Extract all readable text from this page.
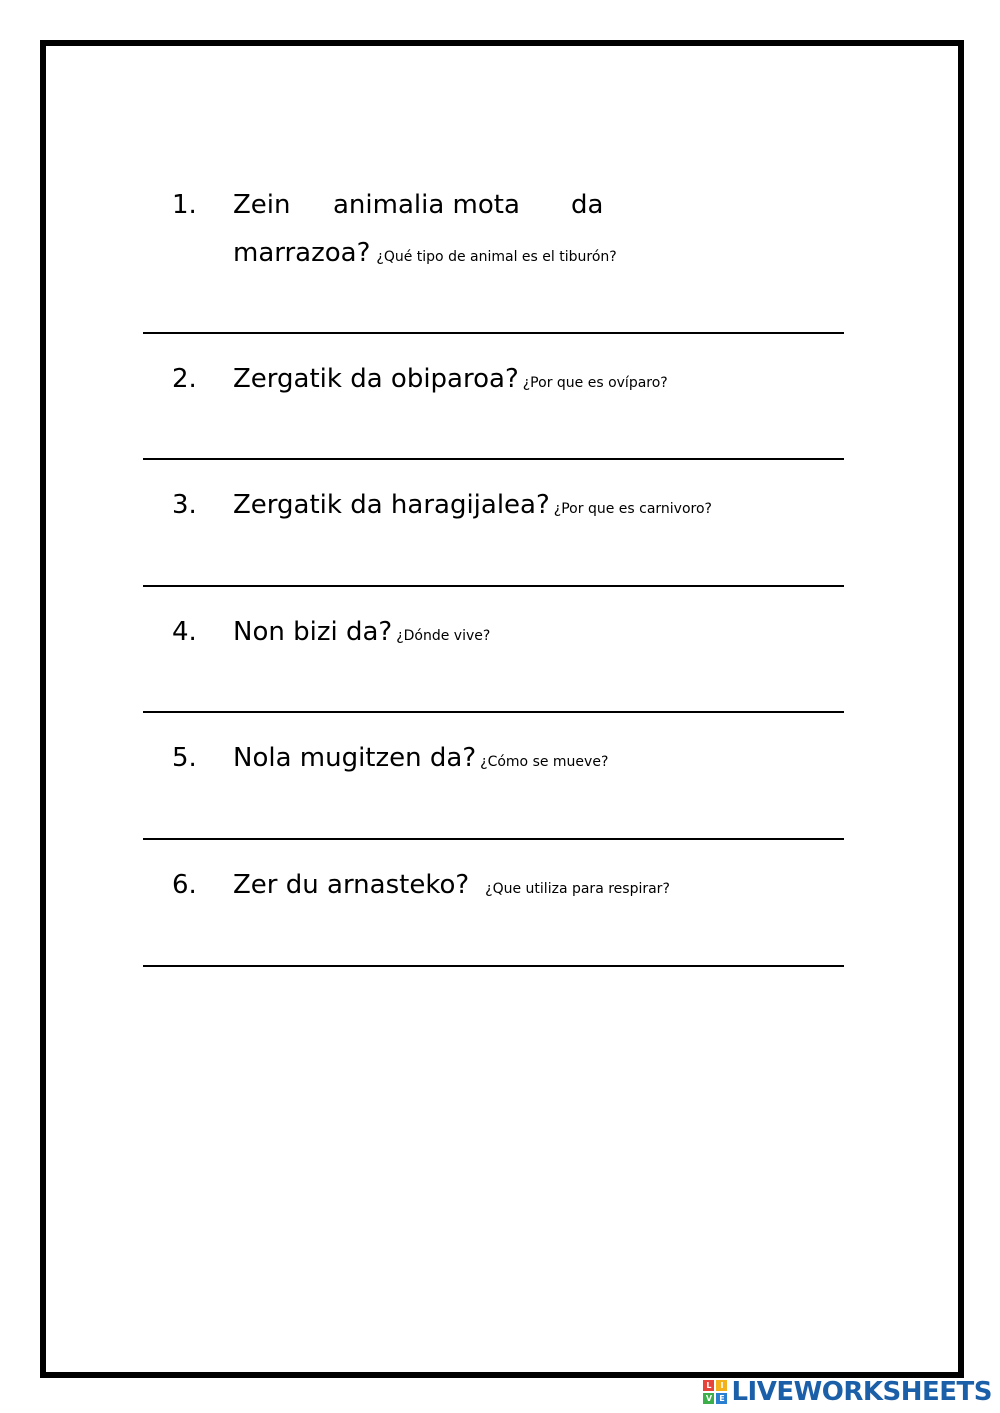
1. Zein animalia mota da
marrazoa? ¿Qué tipo de animal es el tiburón?
2. Zergatik da obiparoa? ¿Por que es ovíparo?
3. Zergatik da haragijalea? ¿Por que es carnivoro?
4. Non bizi da? ¿Dónde vive?
5. Nola mugitzen da? ¿Cómo se mueve?
6. Zer du arnasteko? ¿Que utiliza para respirar?
L	I
V E LIVEWORKSHEETS
